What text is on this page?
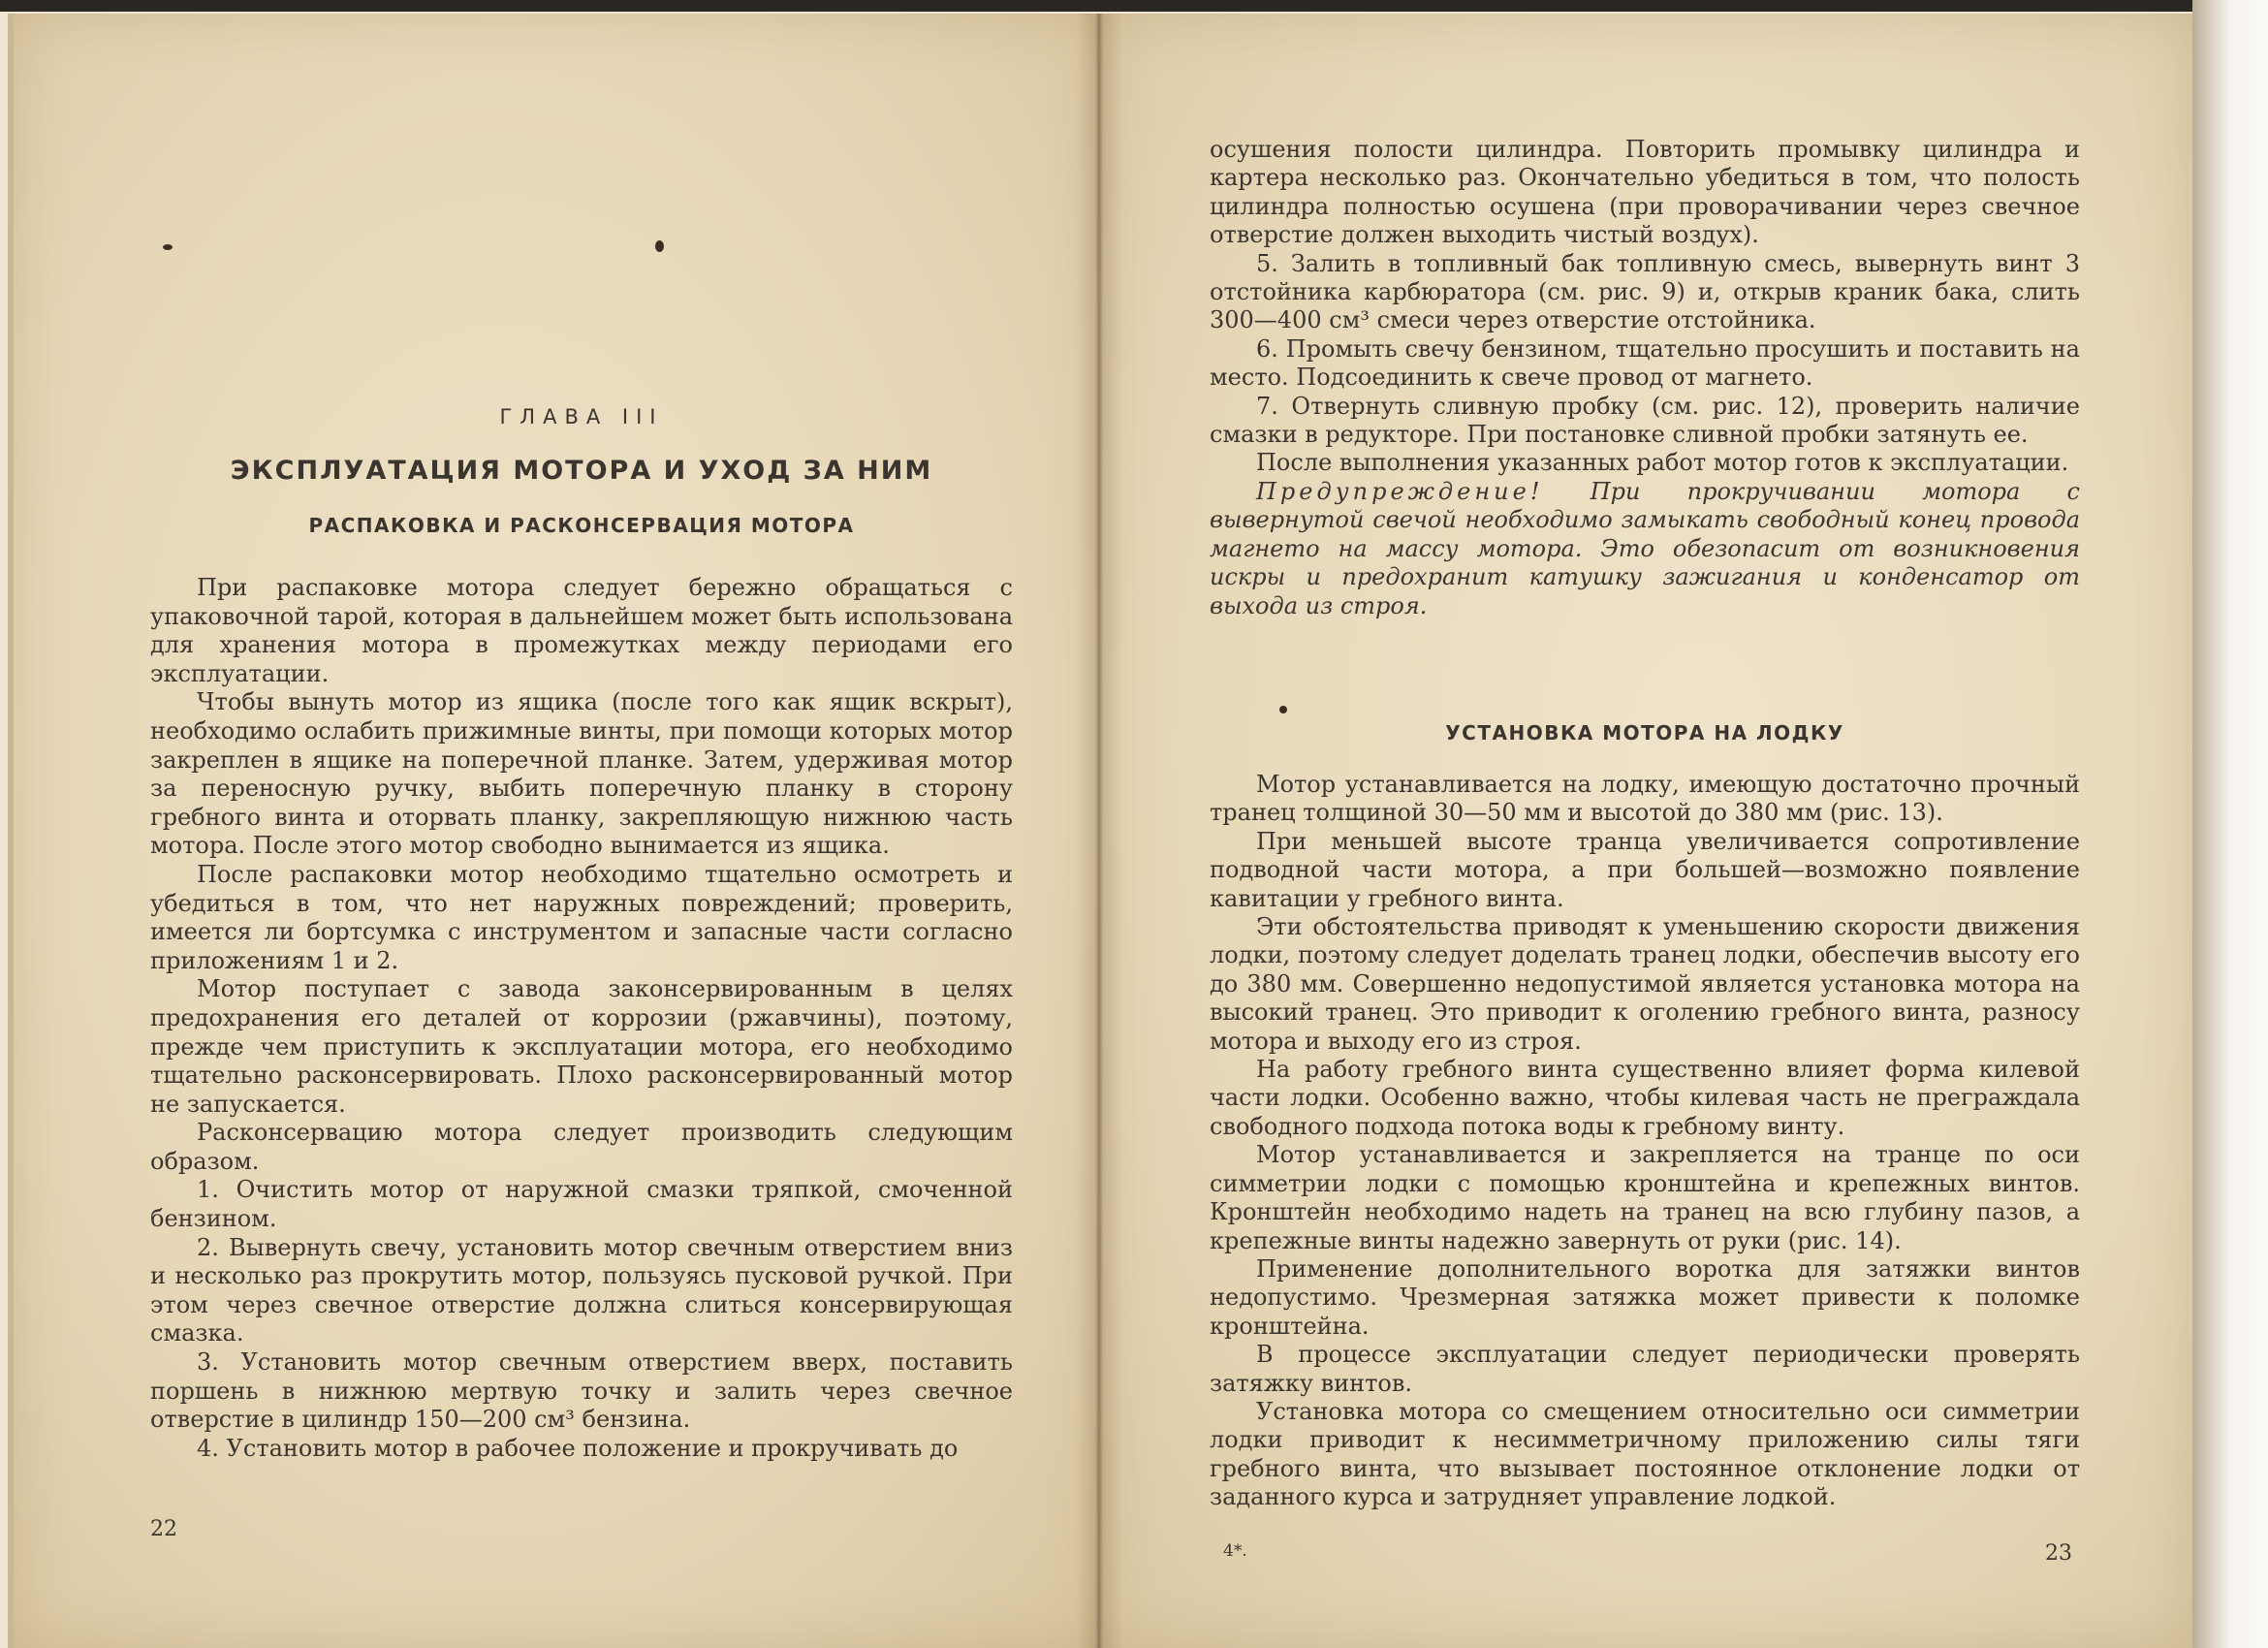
ГЛАВА III
ЭКСПЛУАТАЦИЯ МОТОРА И УХОД ЗА НИМ
РАСПАКОВКА И РАСКОНСЕРВАЦИЯ МОТОРА

При распаковке мотора следует бережно обращаться с упаковочной тарой, которая в дальнейшем может быть использована для хранения мотора в промежутках между периодами его эксплуатации.

Чтобы вынуть мотор из ящика (после того как ящик вскрыт), необходимо ослабить прижимные винты, при помощи которых мотор закреплен в ящике на поперечной планке. Затем, удерживая мотор за переносную ручку, выбить поперечную планку в сторону гребного винта и оторвать планку, закрепляющую нижнюю часть мотора. После этого мотор свободно вынимается из ящика.

После распаковки мотор необходимо тщательно осмотреть и убедиться в том, что нет наружных повреждений; проверить, имеется ли бортсумка с инструментом и запасные части согласно приложениям 1 и 2.

Мотор поступает с завода законсервированным в целях предохранения его деталей от коррозии (ржавчины), поэтому, прежде чем приступить к эксплуатации мотора, его необходимо тщательно расконсервировать. Плохо расконсервированный мотор не запускается.

Расконсервацию мотора следует производить следующим образом.

1. Очистить мотор от наружной смазки тряпкой, смоченной бензином.

2. Вывернуть свечу, установить мотор свечным отверстием вниз и несколько раз прокрутить мотор, пользуясь пусковой ручкой. При этом через свечное отверстие должна слиться консервирующая смазка.

3. Установить мотор свечным отверстием вверх, поставить поршень в нижнюю мертвую точку и залить через свечное отверстие в цилиндр 150—200 см³ бензина.

4. Установить мотор в рабочее положение и прокручивать до

22

осушения полости цилиндра. Повторить промывку цилиндра и картера несколько раз. Окончательно убедиться в том, что полость цилиндра полностью осушена (при проворачивании через свечное отверстие должен выходить чистый воздух).

5. Залить в топливный бак топливную смесь, вывернуть винт 3 отстойника карбюратора (см. рис. 9) и, открыв краник бака, слить 300—400 см³ смеси через отверстие отстойника.

6. Промыть свечу бензином, тщательно просушить и поставить на место. Подсоединить к свече провод от магнето.

7. Отвернуть сливную пробку (см. рис. 12), проверить наличие смазки в редукторе. При постановке сливной пробки затянуть ее.

После выполнения указанных работ мотор готов к эксплуатации.

Предупреждение! При прокручивании мотора с вывернутой свечой необходимо замыкать свободный конец провода магнето на массу мотора. Это обезопасит от возникновения искры и предохранит катушку зажигания и конденсатор от выхода из строя.

УСТАНОВКА МОТОРА НА ЛОДКУ

Мотор устанавливается на лодку, имеющую достаточно прочный транец толщиной 30—50 мм и высотой до 380 мм (рис. 13).

При меньшей высоте транца увеличивается сопротивление подводной части мотора, а при большей—возможно появление кавитации у гребного винта.

Эти обстоятельства приводят к уменьшению скорости движения лодки, поэтому следует доделать транец лодки, обеспечив высоту его до 380 мм. Совершенно недопустимой является установка мотора на высокий транец. Это приводит к оголению гребного винта, разносу мотора и выходу его из строя.

На работу гребного винта существенно влияет форма килевой части лодки. Особенно важно, чтобы килевая часть не преграждала свободного подхода потока воды к гребному винту.

Мотор устанавливается и закрепляется на транце по оси симметрии лодки с помощью кронштейна и крепежных винтов. Кронштейн необходимо надеть на транец на всю глубину пазов, а крепежные винты надежно завернуть от руки (рис. 14).

Применение дополнительного воротка для затяжки винтов недопустимо. Чрезмерная затяжка может привести к поломке кронштейна.

В процессе эксплуатации следует периодически проверять затяжку винтов.

Установка мотора со смещением относительно оси симметрии лодки приводит к несимметричному приложению силы тяги гребного винта, что вызывает постоянное отклонение лодки от заданного курса и затрудняет управление лодкой.

4*.	23
